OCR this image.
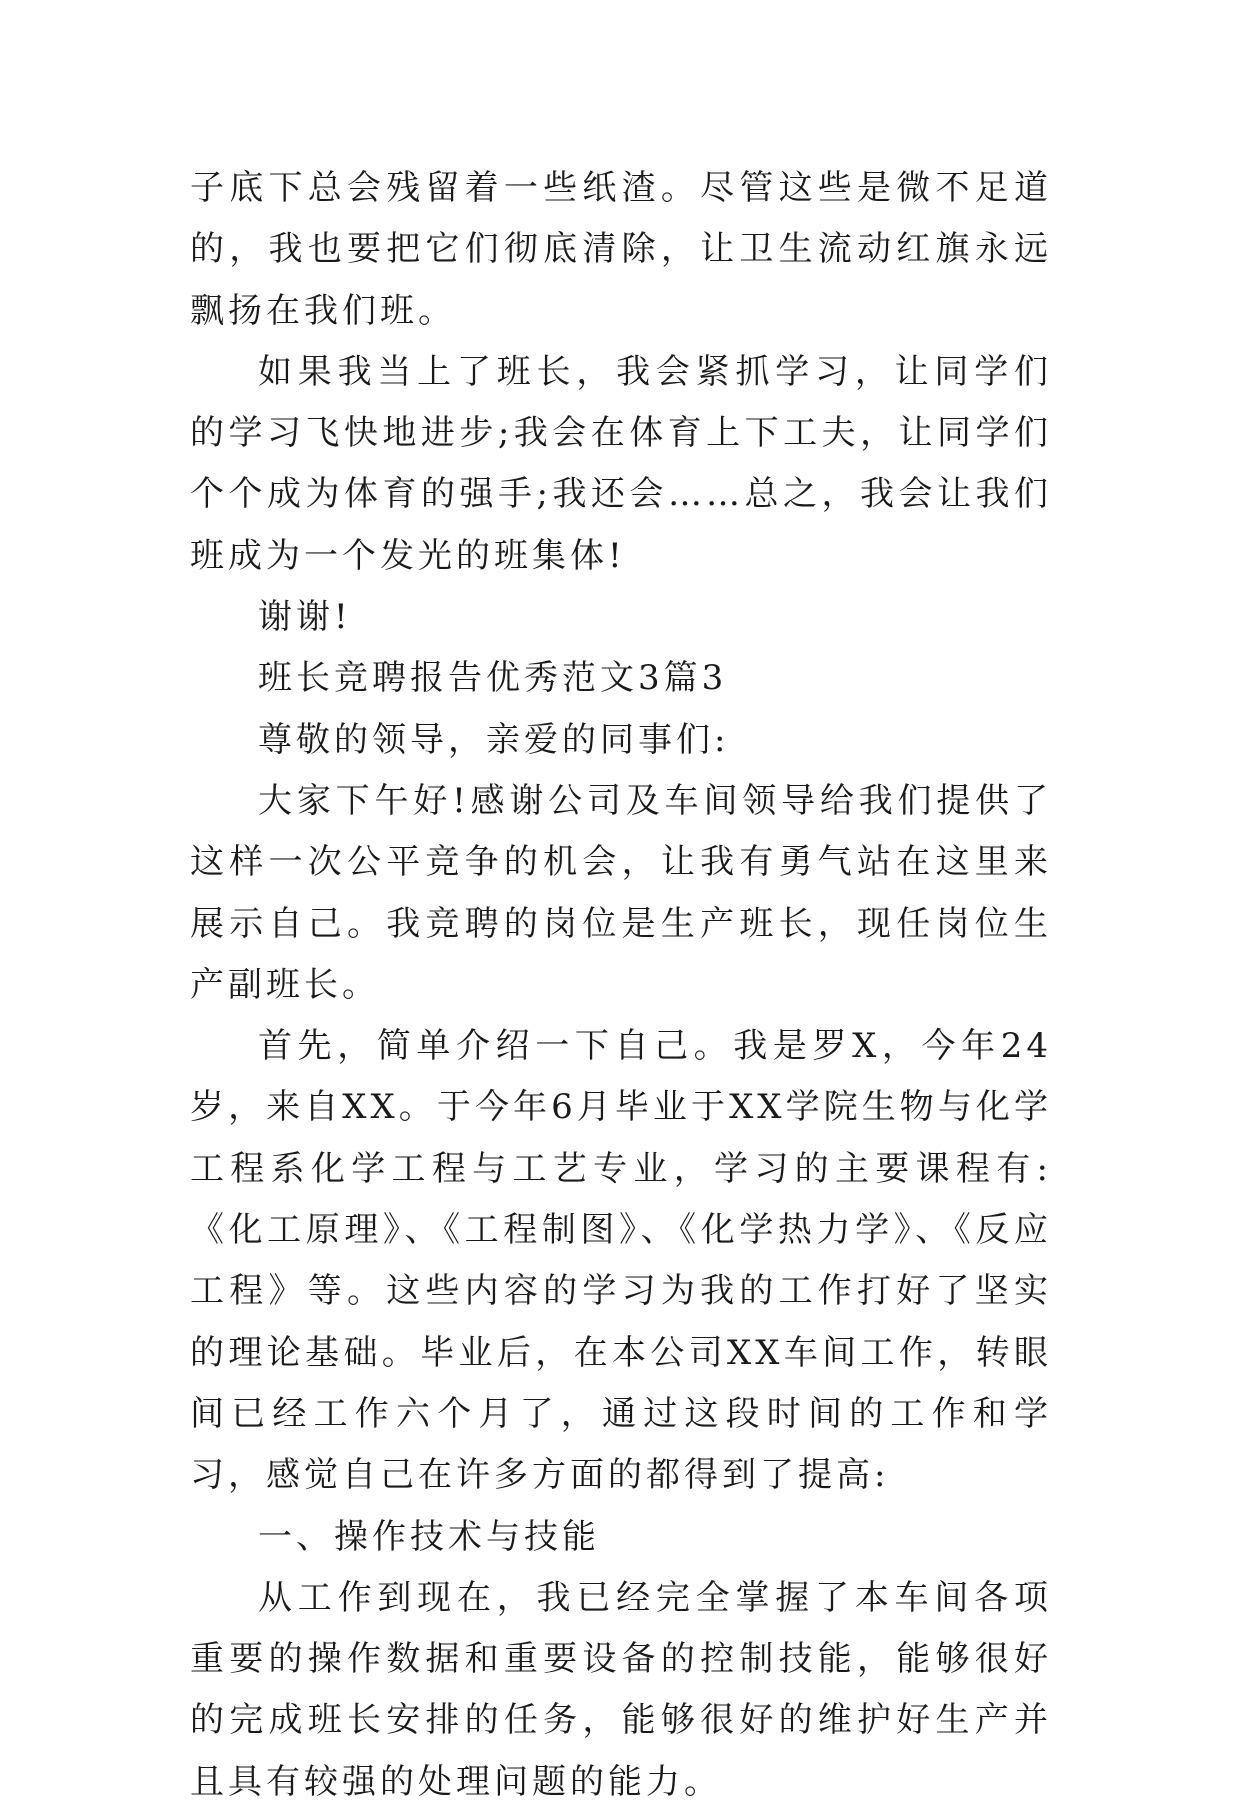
子底下总会残留着一些纸渣。尽管这些是微不足道的，我也要把它们彻底清除，让卫生流动红旗永远飘扬在我们班。

如果我当上了班长，我会紧抓学习，让同学们的学习飞快地进步;我会在体育上下工夫，让同学们个个成为体育的强手;我还会……总之，我会让我们班成为一个发光的班集体!

谢谢!

班长竞聘报告优秀范文3篇3

尊敬的领导，亲爱的同事们:

大家下午好!感谢公司及车间领导给我们提供了这样一次公平竞争的机会，让我有勇气站在这里来展示自己。我竞聘的岗位是生产班长，现任岗位生产副班长。

首先，简单介绍一下自己。我是罗X，今年24岁，来自XX。于今年6月毕业于XX学院生物与化学工程系化学工程与工艺专业，学习的主要课程有:《化工原理》、《工程制图》、《化学热力学》、《反应工程》等。这些内容的学习为我的工作打好了坚实的理论基础。毕业后，在本公司XX车间工作，转眼间已经工作六个月了，通过这段时间的工作和学习，感觉自己在许多方面的都得到了提高:

一、操作技术与技能

从工作到现在，我已经完全掌握了本车间各项重要的操作数据和重要设备的控制技能，能够很好的完成班长安排的任务，能够很好的维护好生产并且具有较强的处理问题的能力。
